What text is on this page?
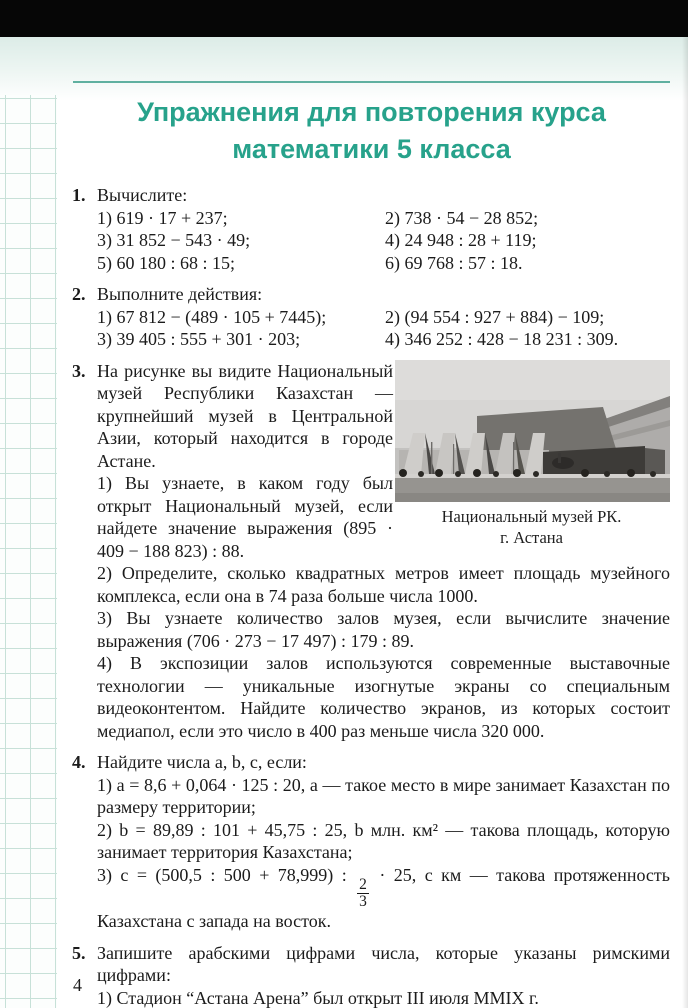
Упражнения для повторения курса
математики 5 класса
1. Вычислите:
1) 619 · 17 + 237;	2) 738 · 54 − 28 852;
3) 31 852 − 543 · 49;	4) 24 948 : 28 + 119;
5) 60 180 : 68 : 15;	6) 69 768 : 57 : 18.
2. Выполните действия:
1) 67 812 − (489 · 105 + 7445);	2) (94 554 : 927 + 884) − 109;
3) 39 405 : 555 + 301 · 203;	4) 346 252 : 428 − 18 231 : 309.
3.
Национальный музей РК.
г. Астана

На рисунке вы видите Национальный музей Республики Казахстан — крупнейший музей в Центральной Азии, который находится в городе Астане.

1) Вы узнаете, в каком году был открыт Национальный музей, если найдете значение выражения (895 · 409 − 188 823) : 88.

2) Определите, сколько квадратных метров имеет площадь музейного комплекса, если она в 74 раза больше числа 1000.

3) Вы узнаете количество залов музея, если вычислите значение выражения (706 · 273 − 17 497) : 179 : 89.

4) В экспозиции залов используются современные выставочные технологии — уникальные изогнутые экраны со специальным видеоконтентом. Найдите количество экранов, из которых состоит медиапол, если это число в 400 раз меньше числа 320 000.

4. Найдите числа a, b, c, если:

1) a = 8,6 + 0,064 · 125 : 20, a — такое место в мире занимает Казахстан по размеру территории;

2) b = 89,89 : 101 + 45,75 : 25, b млн. км² — такова площадь, которую занимает территория Казахстана;

3) c = (500,5 : 500 + 78,999) :
$\frac{2}{3}$
· 25, c км — такова протяженность Казахстана с запада на восток.

5. Запишите арабскими цифрами числа, которые указаны римскими цифрами:

1) Стадион “Астана Арена” был открыт III июля MMIX г.

4
